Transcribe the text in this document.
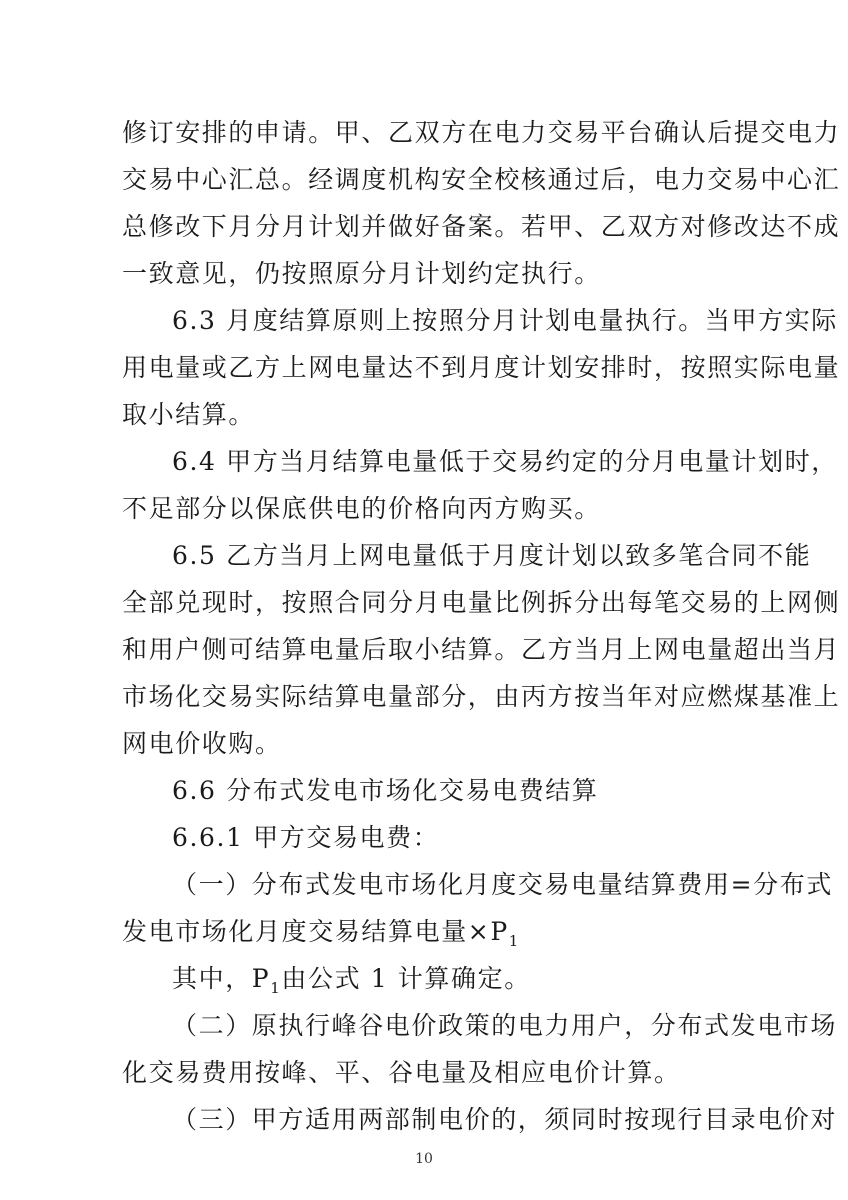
修订安排的申请。甲、乙双方在电力交易平台确认后提交电力
交易中心汇总。经调度机构安全校核通过后，电力交易中心汇
总修改下月分月计划并做好备案。若甲、乙双方对修改达不成
一致意见，仍按照原分月计划约定执行。
6.3 月度结算原则上按照分月计划电量执行。当甲方实际
用电量或乙方上网电量达不到月度计划安排时，按照实际电量
取小结算。
6.4 甲方当月结算电量低于交易约定的分月电量计划时，
不足部分以保底供电的价格向丙方购买。
6.5 乙方当月上网电量低于月度计划以致多笔合同不能
全部兑现时，按照合同分月电量比例拆分出每笔交易的上网侧
和用户侧可结算电量后取小结算。乙方当月上网电量超出当月
市场化交易实际结算电量部分，由丙方按当年对应燃煤基准上
网电价收购。
6.6 分布式发电市场化交易电费结算
6.6.1 甲方交易电费：
（一）分布式发电市场化月度交易电量结算费用=分布式
发电市场化月度交易结算电量$\times P_1$
其中，$P_1$由公式 1 计算确定。
（二）原执行峰谷电价政策的电力用户，分布式发电市场
化交易费用按峰、平、谷电量及相应电价计算。
（三）甲方适用两部制电价的，须同时按现行目录电价对
10
